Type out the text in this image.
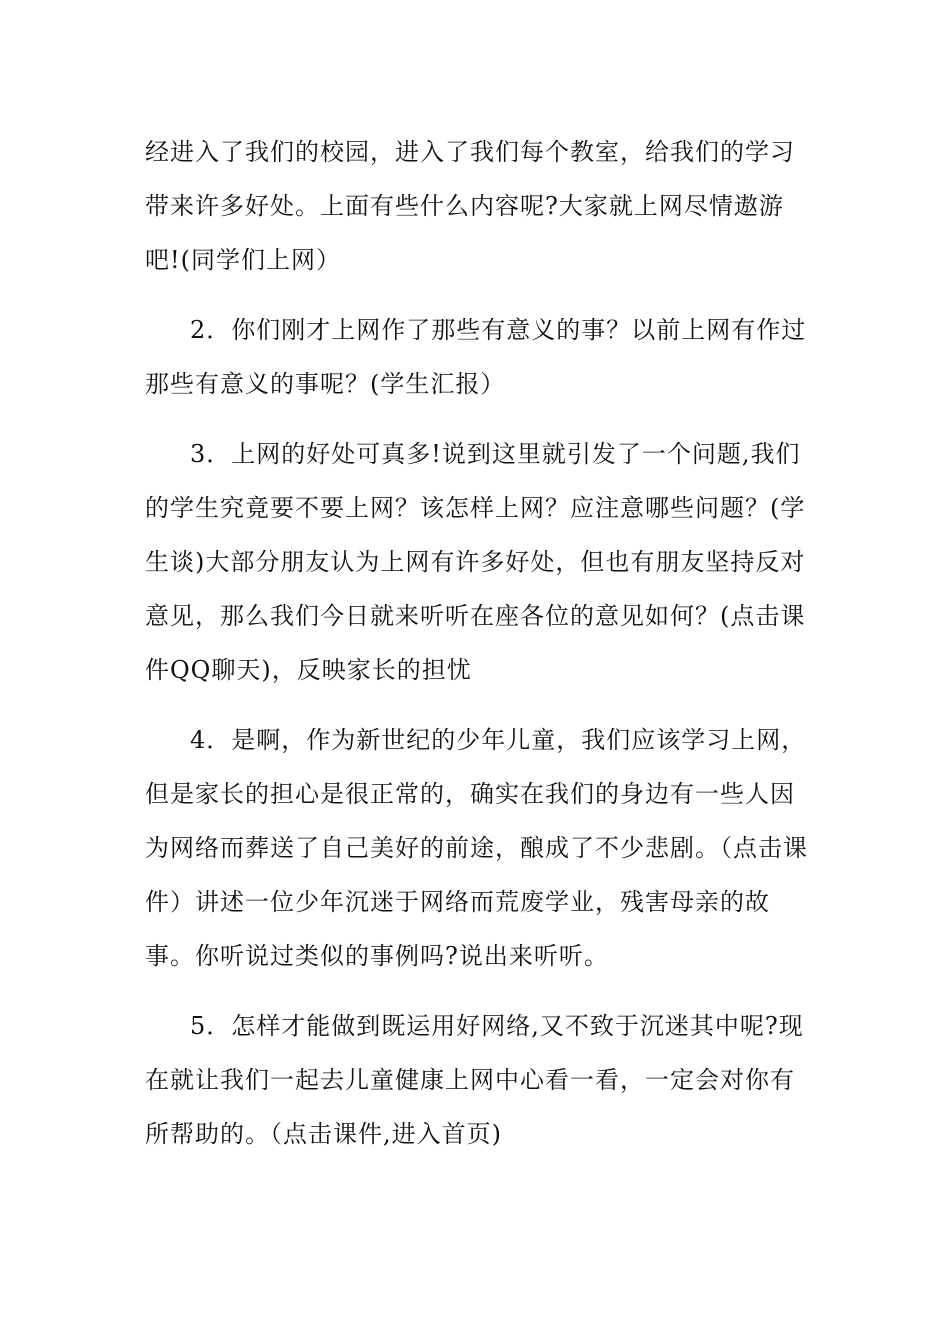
经进入了我们的校园，进入了我们每个教室，给我们的学习带来许多好处。上面有些什么内容呢?大家就上网尽情遨游吧!(同学们上网）

2．你们刚才上网作了那些有意义的事？以前上网有作过那些有意义的事呢？(学生汇报）

3．上网的好处可真多!说到这里就引发了一个问题,我们的学生究竟要不要上网？该怎样上网？应注意哪些问题？(学生谈)大部分朋友认为上网有许多好处，但也有朋友坚持反对意见，那么我们今日就来听听在座各位的意见如何？(点击课件QQ聊天)，反映家长的担忧

4．是啊，作为新世纪的少年儿童，我们应该学习上网，但是家长的担心是很正常的，确实在我们的身边有一些人因为网络而葬送了自己美好的前途，酿成了不少悲剧。（点击课件）讲述一位少年沉迷于网络而荒废学业，残害母亲的故事。你听说过类似的事例吗?说出来听听。

5．怎样才能做到既运用好网络,又不致于沉迷其中呢?现在就让我们一起去儿童健康上网中心看一看，一定会对你有所帮助的。（点击课件,进入首页)
